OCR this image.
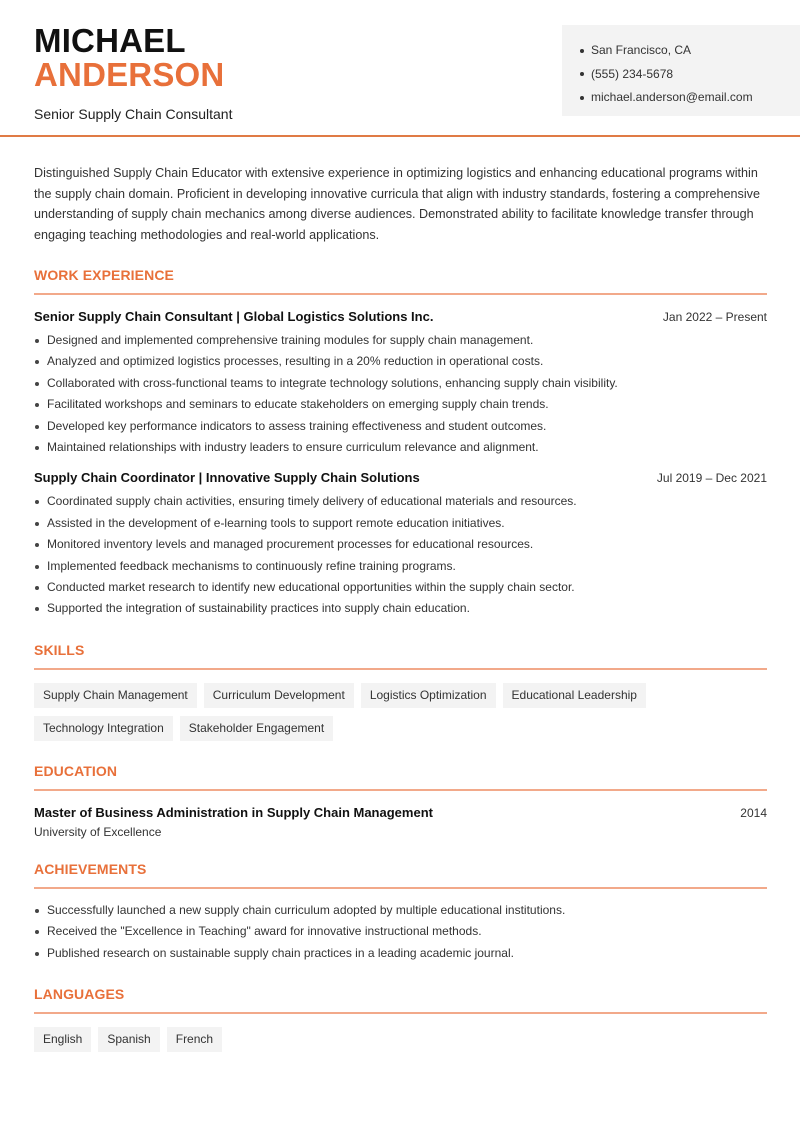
MICHAEL
ANDERSON
Senior Supply Chain Consultant
San Francisco, CA
(555) 234-5678
michael.anderson@email.com

Distinguished Supply Chain Educator with extensive experience in optimizing logistics and enhancing educational programs within the supply chain domain. Proficient in developing innovative curricula that align with industry standards, fostering a comprehensive understanding of supply chain mechanics among diverse audiences. Demonstrated ability to facilitate knowledge transfer through engaging teaching methodologies and real-world applications.

WORK EXPERIENCE
Senior Supply Chain Consultant | Global Logistics Solutions Inc.	Jan 2022 – Present
Designed and implemented comprehensive training modules for supply chain management.
Analyzed and optimized logistics processes, resulting in a 20% reduction in operational costs.
Collaborated with cross-functional teams to integrate technology solutions, enhancing supply chain visibility.
Facilitated workshops and seminars to educate stakeholders on emerging supply chain trends.
Developed key performance indicators to assess training effectiveness and student outcomes.
Maintained relationships with industry leaders to ensure curriculum relevance and alignment.
Supply Chain Coordinator | Innovative Supply Chain Solutions	Jul 2019 – Dec 2021
Coordinated supply chain activities, ensuring timely delivery of educational materials and resources.
Assisted in the development of e-learning tools to support remote education initiatives.
Monitored inventory levels and managed procurement processes for educational resources.
Implemented feedback mechanisms to continuously refine training programs.
Conducted market research to identify new educational opportunities within the supply chain sector.
Supported the integration of sustainability practices into supply chain education.
SKILLS
Supply Chain Management	Curriculum Development	Logistics Optimization	Educational Leadership
Technology Integration	Stakeholder Engagement
EDUCATION
Master of Business Administration in Supply Chain Management	2014
University of Excellence
ACHIEVEMENTS
Successfully launched a new supply chain curriculum adopted by multiple educational institutions.
Received the "Excellence in Teaching" award for innovative instructional methods.
Published research on sustainable supply chain practices in a leading academic journal.
LANGUAGES
English	Spanish	French
